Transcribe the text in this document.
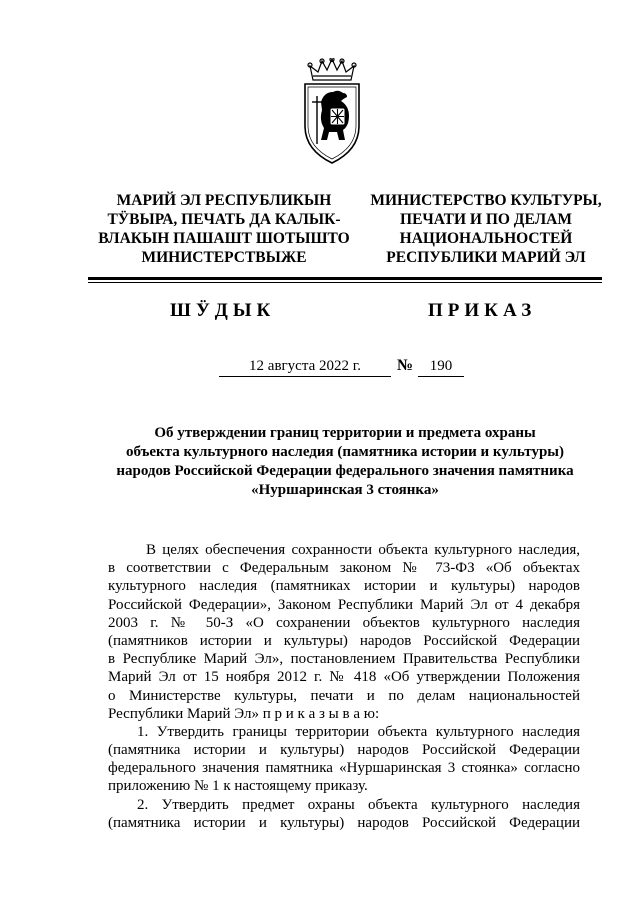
МАРИЙ ЭЛ РЕСПУБЛИКЫН
ТӰВЫРА, ПЕЧАТЬ ДА КАЛЫК-
ВЛАКЫН ПАШАШТ ШОТЫШТО
МИНИСТЕРСТВЫЖЕ
МИНИСТЕРСТВО КУЛЬТУРЫ,
ПЕЧАТИ И ПО ДЕЛАМ
НАЦИОНАЛЬНОСТЕЙ
РЕСПУБЛИКИ МАРИЙ ЭЛ
ШӰДЫК	ПРИКАЗ
12 августа 2022 г.	№	190
Об утверждении границ территории и предмета охраны
объекта культурного наследия (памятника истории и культуры)
народов Российской Федерации федерального значения памятника
«Нуршаринская 3 стоянка»
В целях обеспечения сохранности объекта культурного наследия,
в соответствии с Федеральным законом № 73-ФЗ «Об объектах
культурного наследия (памятниках истории и культуры) народов
Российской Федерации», Законом Республики Марий Эл от 4 декабря
2003 г. № 50-З «О сохранении объектов культурного наследия
(памятников истории и культуры) народов Российской Федерации
в Республике Марий Эл», постановлением Правительства Республики
Марий Эл от 15 ноября 2012 г. № 418 «Об утверждении Положения
о Министерстве культуры, печати и по делам национальностей
Республики Марий Эл» п р и к а з ы в а ю:
1. Утвердить границы территории объекта культурного наследия
(памятника истории и культуры) народов Российской Федерации
федерального значения памятника «Нуршаринская 3 стоянка» согласно
приложению № 1 к настоящему приказу.
2. Утвердить предмет охраны объекта культурного наследия
(памятника истории и культуры) народов Российской Федерации
